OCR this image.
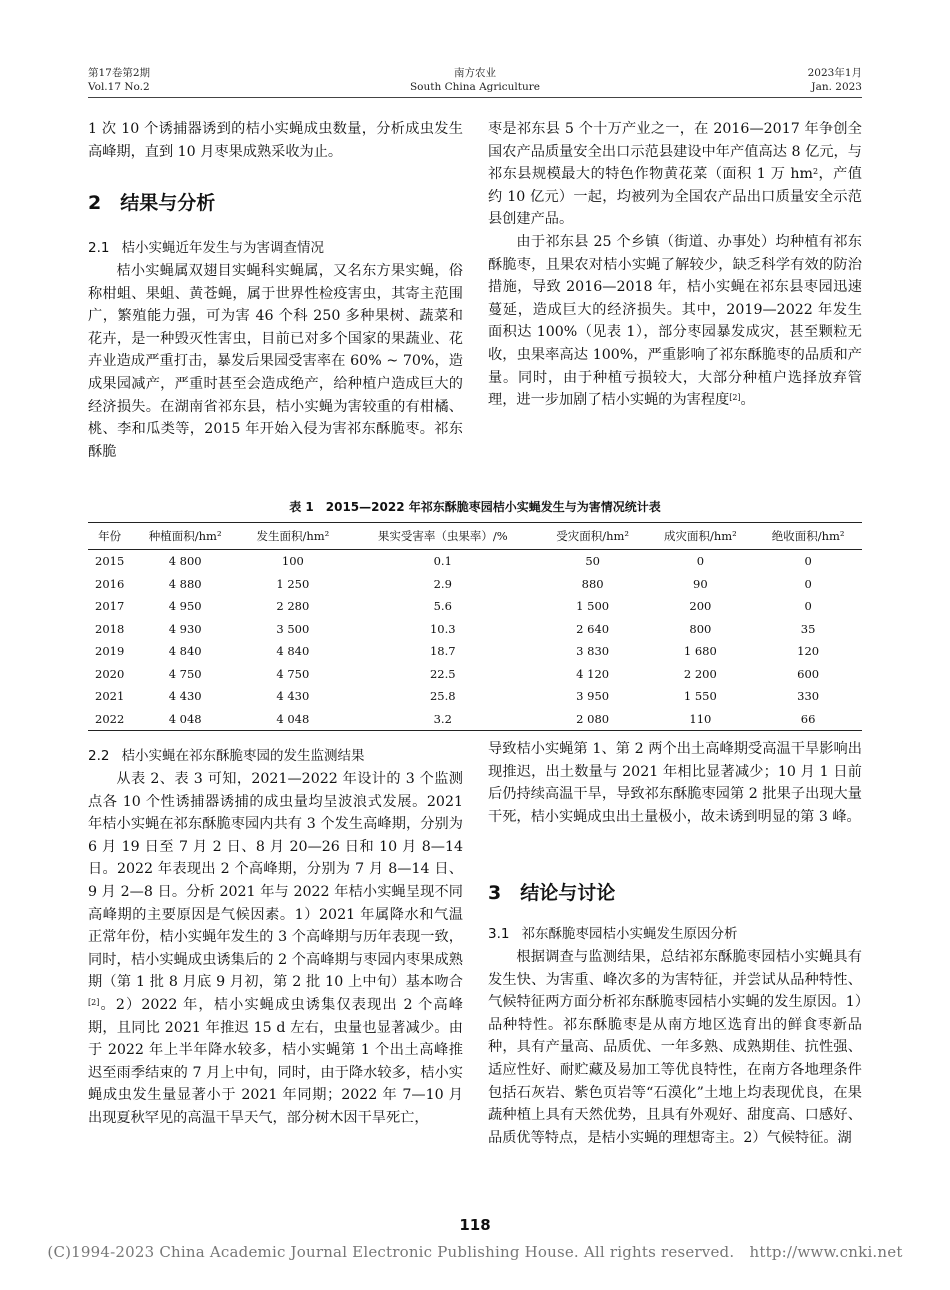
第17卷第2期
Vol.17 No.2
南方农业
South China Agriculture
2023年1月
Jan. 2023

1 次 10 个诱捕器诱到的桔小实蝇成虫数量，分析成虫发生高峰期，直到 10 月枣果成熟采收为止。

2　结果与分析
2.1 桔小实蝇近年发生与为害调查情况

桔小实蝇属双翅目实蝇科实蝇属，又名东方果实蝇，俗称柑蛆、果蛆、黄苍蝇，属于世界性检疫害虫，其寄主范围广，繁殖能力强，可为害 46 个科 250 多种果树、蔬菜和花卉，是一种毁灭性害虫，目前已对多个国家的果蔬业、花卉业造成严重打击，暴发后果园受害率在 60% ~ 70%，造成果园减产，严重时甚至会造成绝产，给种植户造成巨大的经济损失。在湖南省祁东县，桔小实蝇为害较重的有柑橘、桃、李和瓜类等，2015 年开始入侵为害祁东酥脆枣。祁东酥脆

枣是祁东县 5 个十万产业之一，在 2016—2017 年争创全国农产品质量安全出口示范县建设中年产值高达 8 亿元，与祁东县规模最大的特色作物黄花菜（面积 1 万 $hm^2$，产值约 10 亿元）一起，均被列为全国农产品出口质量安全示范县创建产品。

由于祁东县 25 个乡镇（街道、办事处）均种植有祁东酥脆枣，且果农对桔小实蝇了解较少，缺乏科学有效的防治措施，导致 2016—2018 年，桔小实蝇在祁东县枣园迅速蔓延，造成巨大的经济损失。其中，2019—2022 年发生面积达 100%（见表 1），部分枣园暴发成灾，甚至颗粒无收，虫果率高达 100%，严重影响了祁东酥脆枣的品质和产量。同时，由于种植亏损较大，大部分种植户选择放弃管理，进一步加剧了桔小实蝇的为害程度[2]。

表 1　2015—2022 年祁东酥脆枣园桔小实蝇发生与为害情况统计表
年份	种植面积/hm²	发生面积/hm²	果实受害率（虫果率）/%	受灾面积/hm²	成灾面积/hm²	绝收面积/hm²
2015	4 800	100	0.1	50	0	0
2016	4 880	1 250	2.9	880	90	0
2017	4 950	2 280	5.6	1 500	200	0
2018	4 930	3 500	10.3	2 640	800	35
2019	4 840	4 840	18.7	3 830	1 680	120
2020	4 750	4 750	22.5	4 120	2 200	600
2021	4 430	4 430	25.8	3 950	1 550	330
2022	4 048	4 048	3.2	2 080	110	66
2.2 桔小实蝇在祁东酥脆枣园的发生监测结果

从表 2、表 3 可知，2021—2022 年设计的 3 个监测点各 10 个性诱捕器诱捕的成虫量均呈波浪式发展。2021 年桔小实蝇在祁东酥脆枣园内共有 3 个发生高峰期，分别为 6 月 19 日至 7 月 2 日、8 月 20—26 日和 10 月 8—14 日。2022 年表现出 2 个高峰期，分别为 7 月 8—14 日、9 月 2—8 日。分析 2021 年与 2022 年桔小实蝇呈现不同高峰期的主要原因是气候因素。1）2021 年属降水和气温正常年份，桔小实蝇年发生的 3 个高峰期与历年表现一致，同时，桔小实蝇成虫诱集后的 2 个高峰期与枣园内枣果成熟期（第 1 批 8 月底 9 月初，第 2 批 10 上中旬）基本吻合[2]。2）2022 年，桔小实蝇成虫诱集仅表现出 2 个高峰期，且同比 2021 年推迟 15 d 左右，虫量也显著减少。由于 2022 年上半年降水较多，桔小实蝇第 1 个出土高峰推迟至雨季结束的 7 月上中旬，同时，由于降水较多，桔小实蝇成虫发生量显著小于 2021 年同期；2022 年 7—10 月出现夏秋罕见的高温干旱天气，部分树木因干旱死亡，

导致桔小实蝇第 1、第 2 两个出土高峰期受高温干旱影响出现推迟，出土数量与 2021 年相比显著减少；10 月 1 日前后仍持续高温干旱，导致祁东酥脆枣园第 2 批果子出现大量干死，桔小实蝇成虫出土量极小，故未诱到明显的第 3 峰。

3　结论与讨论
3.1 祁东酥脆枣园桔小实蝇发生原因分析

根据调查与监测结果，总结祁东酥脆枣园桔小实蝇具有发生快、为害重、峰次多的为害特征，并尝试从品种特性、气候特征两方面分析祁东酥脆枣园桔小实蝇的发生原因。1）品种特性。祁东酥脆枣是从南方地区选育出的鲜食枣新品种，具有产量高、品质优、一年多熟、成熟期佳、抗性强、适应性好、耐贮藏及易加工等优良特性，在南方各地理条件包括石灰岩、紫色页岩等“石漠化”土地上均表现优良，在果蔬种植上具有天然优势，且具有外观好、甜度高、口感好、品质优等特点，是桔小实蝇的理想寄主。2）气候特征。湖

118
(C)1994-2023 China Academic Journal Electronic Publishing House. All rights reserved.　http://www.cnki.net
